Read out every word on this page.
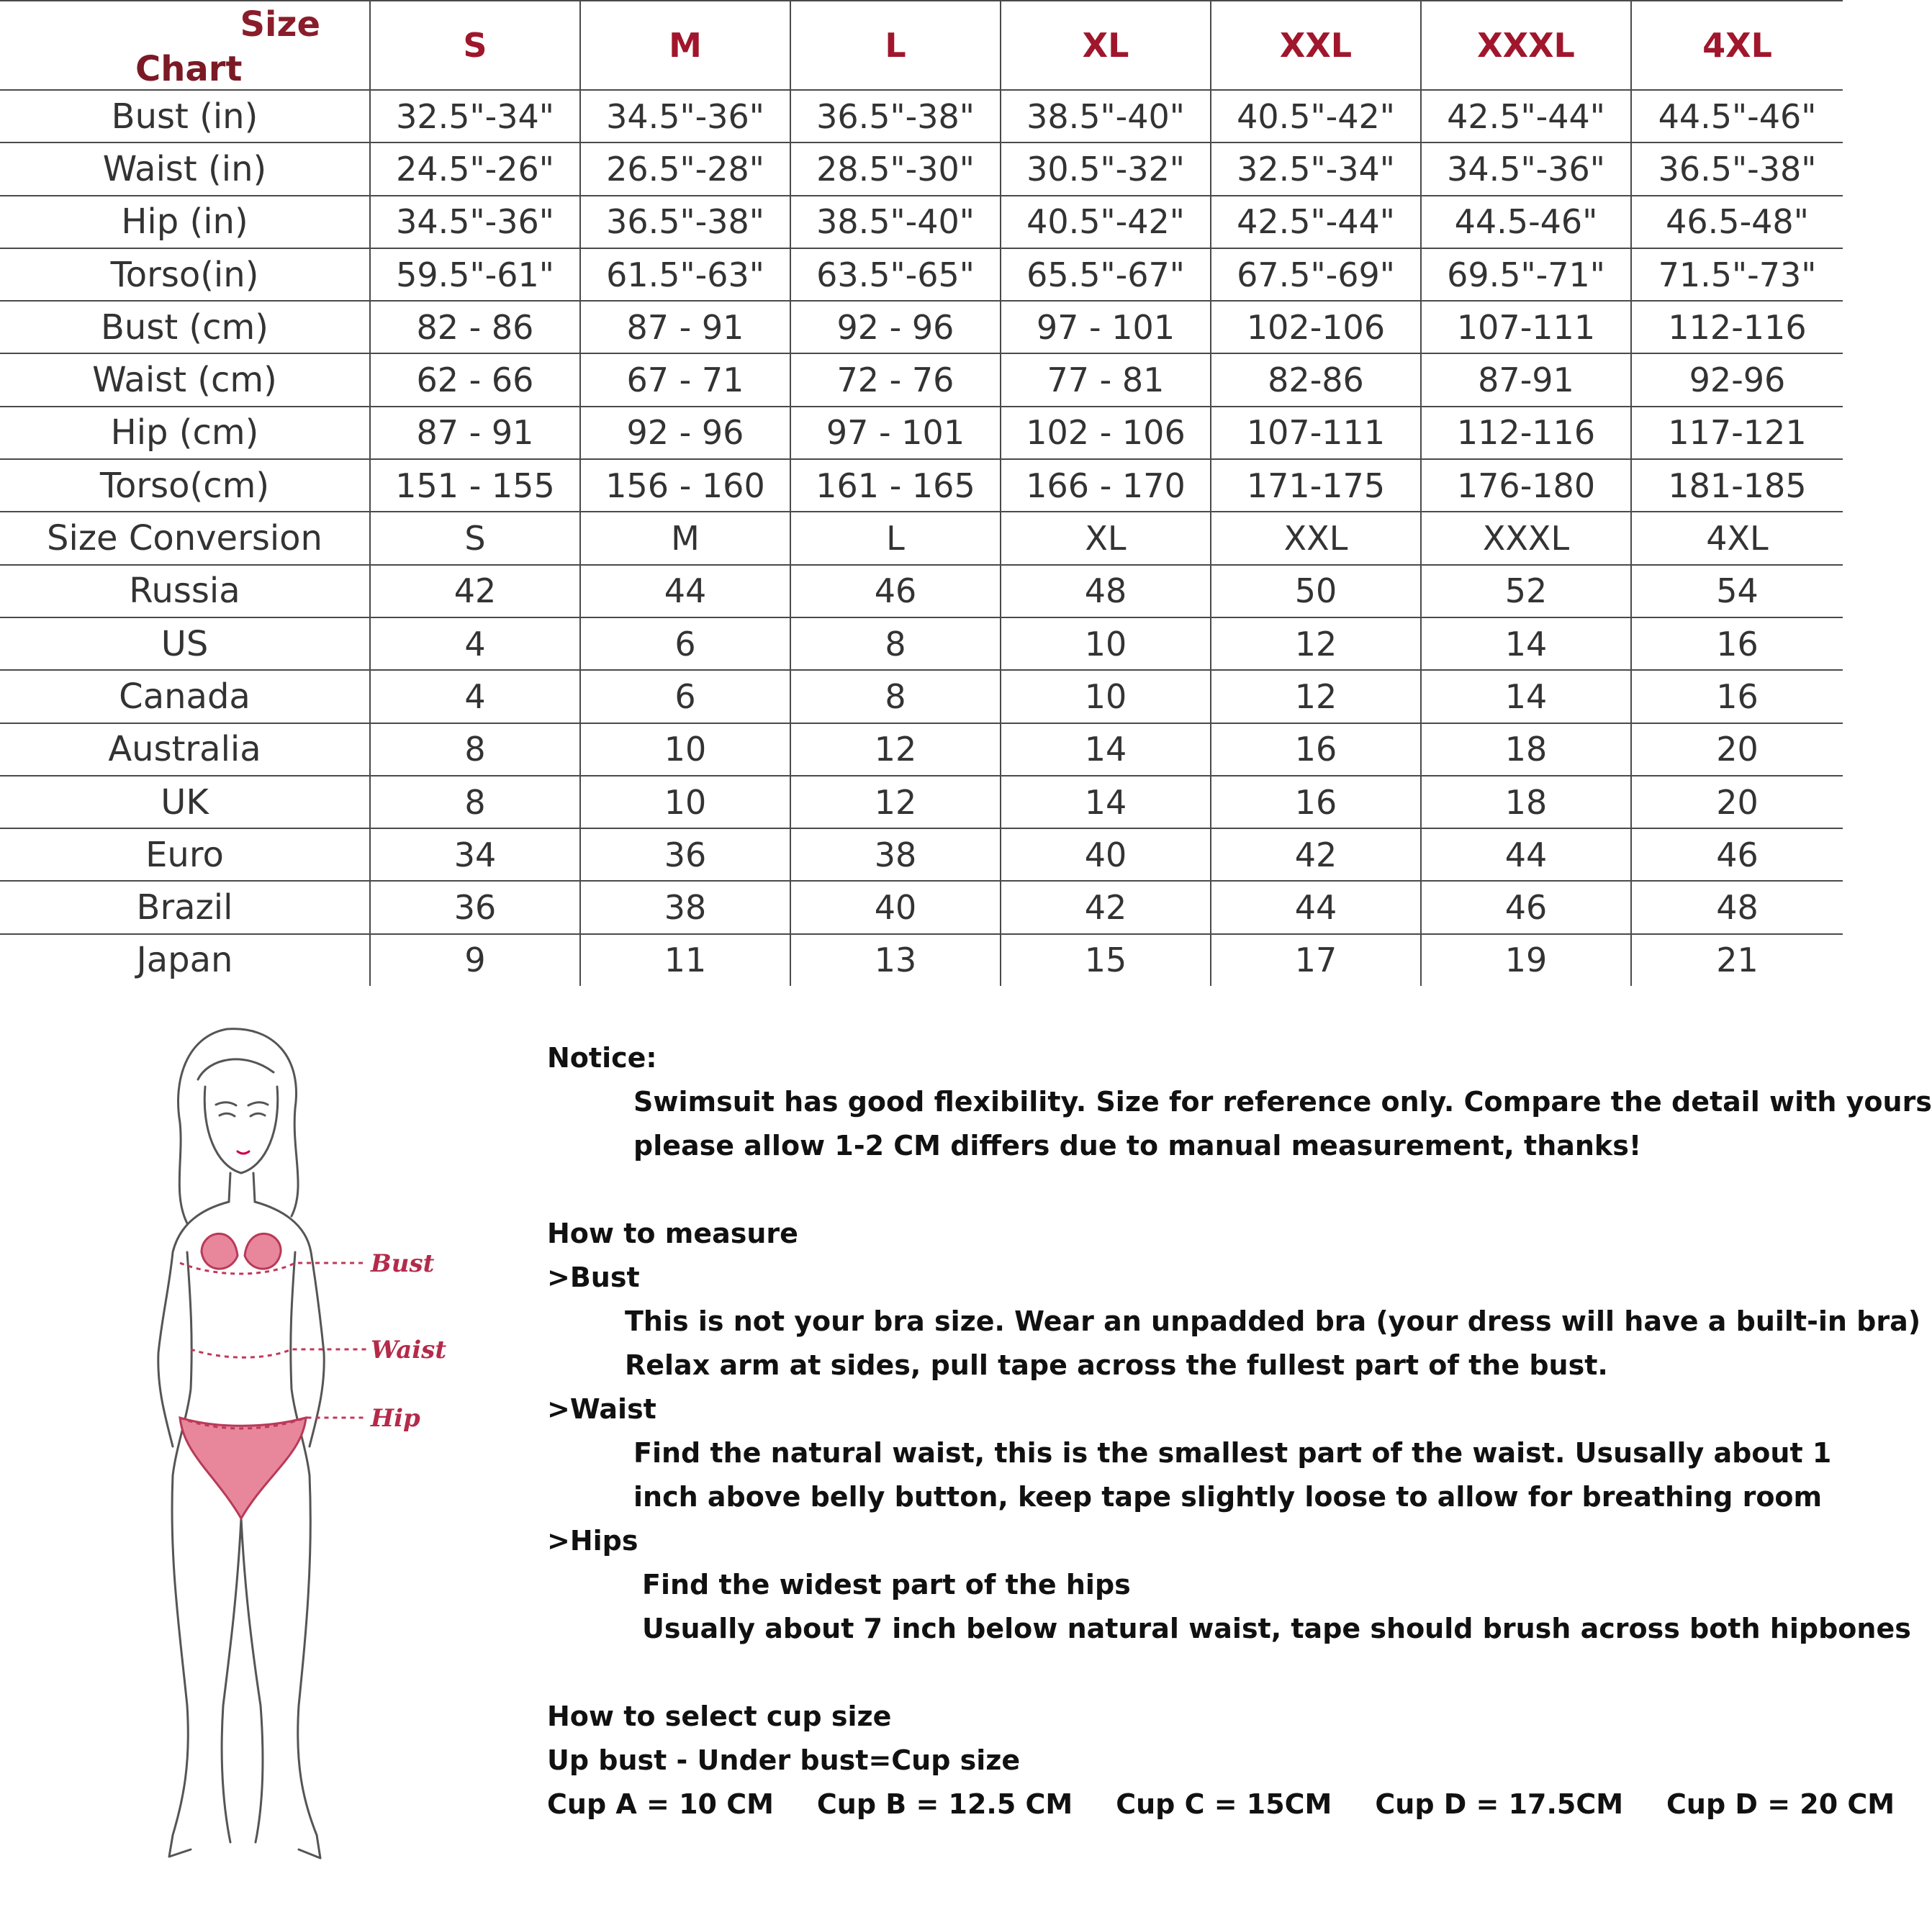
Size
Chart	S	M	L	XL	XXL	XXXL	4XL
Bust (in)	32.5"-34"	34.5"-36"	36.5"-38"	38.5"-40"	40.5"-42"	42.5"-44"	44.5"-46"
Waist (in)	24.5"-26"	26.5"-28"	28.5"-30"	30.5"-32"	32.5"-34"	34.5"-36"	36.5"-38"
Hip (in)	34.5"-36"	36.5"-38"	38.5"-40"	40.5"-42"	42.5"-44"	44.5-46"	46.5-48"
Torso(in)	59.5"-61"	61.5"-63"	63.5"-65"	65.5"-67"	67.5"-69"	69.5"-71"	71.5"-73"
Bust (cm)	82 - 86	87 - 91	92 - 96	97 - 101	102-106	107-111	112-116
Waist (cm)	62 - 66	67 - 71	72 - 76	77 - 81	82-86	87-91	92-96
Hip (cm)	87 - 91	92 - 96	97 - 101	102 - 106	107-111	112-116	117-121
Torso(cm)	151 - 155	156 - 160	161 - 165	166 - 170	171-175	176-180	181-185
Size Conversion	S	M	L	XL	XXL	XXXL	4XL
Russia	42	44	46	48	50	52	54
US	4	6	8	10	12	14	16
Canada	4	6	8	10	12	14	16
Australia	8	10	12	14	16	18	20
UK	8	10	12	14	16	18	20
Euro	34	36	38	40	42	44	46
Brazil	36	38	40	42	44	46	48
Japan	9	11	13	15	17	19	21
Bust
Waist
Hip

Notice:

Swimsuit has good flexibility. Size for reference only. Compare the detail with yours

please allow 1-2 CM differs due to manual measurement, thanks!

How to measure

>Bust

This is not your bra size. Wear an unpadded bra (your dress will have a built-in bra)

Relax arm at sides, pull tape across the fullest part of the bust.

>Waist

Find the natural waist, this is the smallest part of the waist. Ususally about 1

inch above belly button, keep tape slightly loose to allow for breathing room

>Hips

Find the widest part of the hips

Usually about 7 inch below natural waist, tape should brush across both hipbones

How to select cup size

Up bust - Under bust=Cup size

Cup A = 10 CM Cup B = 12.5 CM Cup C = 15CM Cup D = 17.5CM Cup D = 20 CM
